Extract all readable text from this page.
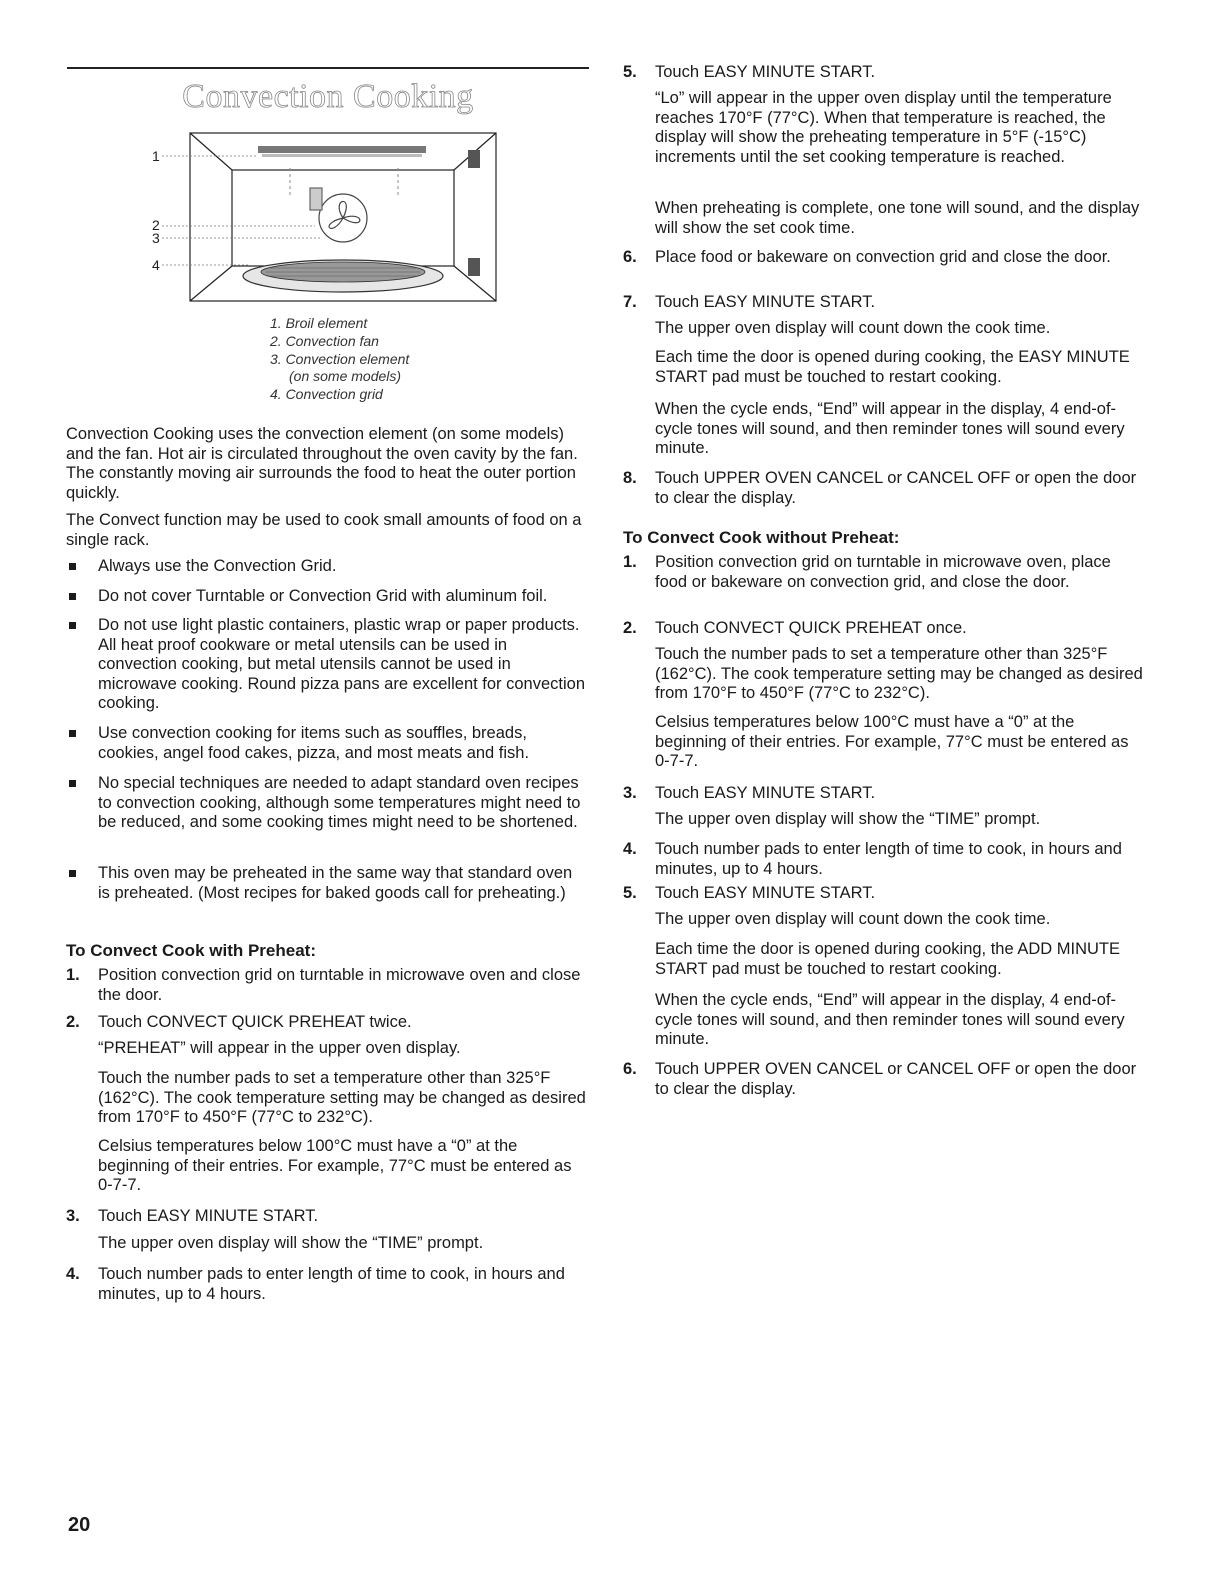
Convection Cooking
1
2
3
4
1. Broil element
2. Convection fan
3. Convection element
(on some models)
4. Convection grid

Convection Cooking uses the convection element (on some models) and the fan. Hot air is circulated throughout the oven cavity by the fan. The constantly moving air surrounds the food to heat the outer portion quickly.

The Convect function may be used to cook small amounts of food on a single rack.

Always use the Convection Grid.
Do not cover Turntable or Convection Grid with aluminum foil.
Do not use light plastic containers, plastic wrap or paper products. All heat proof cookware or metal utensils can be used in convection cooking, but metal utensils cannot be used in microwave cooking. Round pizza pans are excellent for convection cooking.
Use convection cooking for items such as souffles, breads, cookies, angel food cakes, pizza, and most meats and fish.
No special techniques are needed to adapt standard oven recipes to convection cooking, although some temperatures might need to be reduced, and some cooking times might need to be shortened.
This oven may be preheated in the same way that standard oven is preheated. (Most recipes for baked goods call for preheating.)
To Convect Cook with Preheat:
1. Position convection grid on turntable in microwave oven and close the door.
2. Touch CONVECT QUICK PREHEAT twice.

“PREHEAT” will appear in the upper oven display.

Touch the number pads to set a temperature other than 325°F (162°C). The cook temperature setting may be changed as desired from 170°F to 450°F (77°C to 232°C).

Celsius temperatures below 100°C must have a “0” at the beginning of their entries. For example, 77°C must be entered as 0-7-7.

3. Touch EASY MINUTE START.

The upper oven display will show the “TIME” prompt.

4. Touch number pads to enter length of time to cook, in hours and minutes, up to 4 hours.
5. Touch EASY MINUTE START.

“Lo” will appear in the upper oven display until the temperature reaches 170°F (77°C). When that temperature is reached, the display will show the preheating temperature in 5°F (-15°C) increments until the set cooking temperature is reached.

When preheating is complete, one tone will sound, and the display will show the set cook time.

6. Place food or bakeware on convection grid and close the door.
7. Touch EASY MINUTE START.

The upper oven display will count down the cook time.

Each time the door is opened during cooking, the EASY MINUTE START pad must be touched to restart cooking.

When the cycle ends, “End” will appear in the display, 4 end-of-cycle tones will sound, and then reminder tones will sound every minute.

8. Touch UPPER OVEN CANCEL or CANCEL OFF or open the door to clear the display.
To Convect Cook without Preheat:
1. Position convection grid on turntable in microwave oven, place food or bakeware on convection grid, and close the door.
2. Touch CONVECT QUICK PREHEAT once.

Touch the number pads to set a temperature other than 325°F (162°C). The cook temperature setting may be changed as desired from 170°F to 450°F (77°C to 232°C).

Celsius temperatures below 100°C must have a “0” at the beginning of their entries. For example, 77°C must be entered as 0-7-7.

3. Touch EASY MINUTE START.

The upper oven display will show the “TIME” prompt.

4. Touch number pads to enter length of time to cook, in hours and minutes, up to 4 hours.
5. Touch EASY MINUTE START.

The upper oven display will count down the cook time.

Each time the door is opened during cooking, the ADD MINUTE START pad must be touched to restart cooking.

When the cycle ends, “End” will appear in the display, 4 end-of-cycle tones will sound, and then reminder tones will sound every minute.

6. Touch UPPER OVEN CANCEL or CANCEL OFF or open the door to clear the display.
20
